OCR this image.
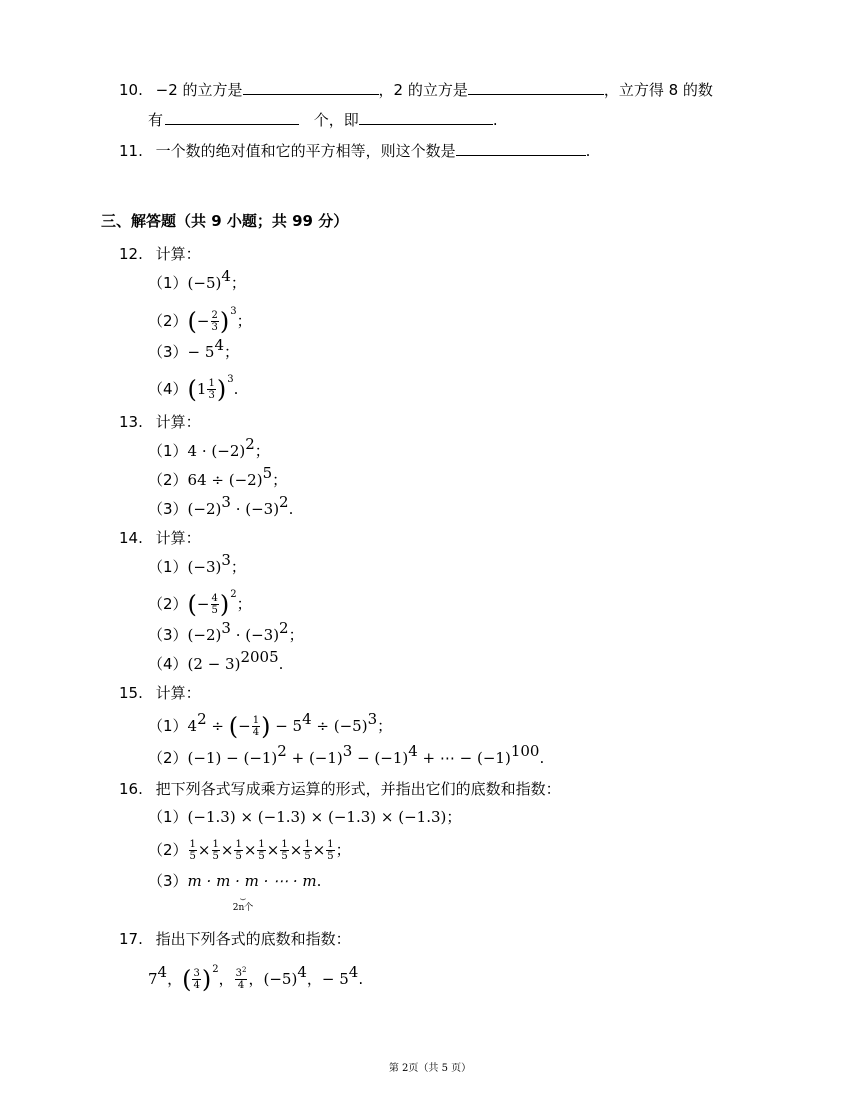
10. −2 的立方是	，2 的立方是	，立方得 8 的数
有	个，即	.
11. 一个数的绝对值和它的平方相等，则这个数是	.
三、解答题（共 9 小题；共 99 分）
12. 计算：
$(1)(-5)^4$；
$(2)(- \frac{2}{3} )^3$；
$(3)- 5^4$；
$(4)(1 \frac{1}{3} )^3$.
13. 计算：
$(1)4 \cdot (-2)^2$；
$(2)64 \div (-2)^5$；
$(3)(-2)^3 \cdot (-3)^2$.
14. 计算：
$(1)(-3)^3$；
$(2)(- \frac{4}{5} )^2$；
$(3)(-2)^3 \cdot (-3)^2$；
$(4)(2 - 3)^{2005}$.
15. 计算：
$(1)4^2$ ÷ (− $\frac{1}{4}$ ) − $5^4 \div (-5)^3$；
$(2)(-1) - (-1)^2 + (-1)^3 - (-1)^4$ + ⋯ − $(-1)^{100}$.
16. 把下列各式写成乘方运算的形式，并指出它们的底数和指数：
（1）(−1.3) × (−1.3) × (−1.3) × (−1.3)；
$(2) \frac{1}{5} \times \frac{1}{5} \times \frac{1}{5} \times \frac{1}{5} \times \frac{1}{5} \times \frac{1}{5} \times \frac{1}{5}$ ；
（3）m · m · m · ⋯ · m.
⏟
2n个
17. 指出下列各式的底数和指数：
$7^4$，( $\frac{3}{4} )^2$， $\frac{3^2}{4}$ ，$(-5)^4$，− $5^4$.
第 2页（共 5 页）
